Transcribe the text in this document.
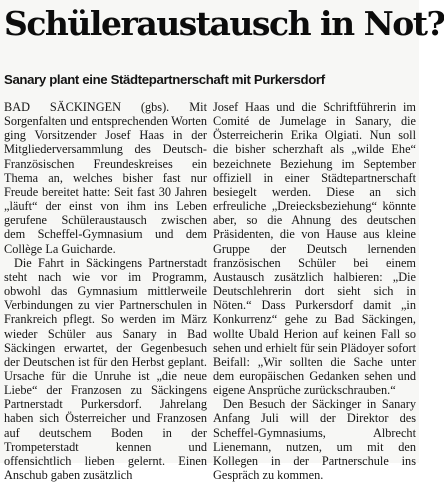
Schüleraustausch in Not?
Sanary plant eine Städtepartnerschaft mit Purkersdorf

BAD SÄCKINGEN (gbs). Mit Sorgenfalten und entsprechenden Worten ging Vorsitzender Josef Haas in der Mitgliederversammlung des Deutsch-Französischen Freundeskreises ein Thema an, welches bisher fast nur Freude bereitet hatte: Seit fast 30 Jahren „läuft“ der einst von ihm ins Leben gerufene Schüleraustausch zwischen dem Scheffel-Gymnasium und dem Collège La Guicharde.

Die Fahrt in Säckingens Partnerstadt steht nach wie vor im Programm, obwohl das Gymnasium mittlerweile Verbindungen zu vier Partnerschulen in Frankreich pflegt. So werden im März wieder Schüler aus Sanary in Bad Säckingen erwartet, der Gegenbesuch der Deutschen ist für den Herbst geplant. Ursache für die Unruhe ist „die neue Liebe“ der Franzosen zu Säckingens Partnerstadt Purkersdorf. Jahrelang haben sich Österreicher und Franzosen auf deutschem Boden in der Trompeterstadt kennen und offensichtlich lieben gelernt. Einen Anschub gaben zusätzlich

Josef Haas und die Schriftführerin im Comité de Jumelage in Sanary, die Österreicherin Erika Olgiati. Nun soll die bisher scherzhaft als „wilde Ehe“ bezeichnete Beziehung im September offiziell in einer Städtepartnerschaft besiegelt werden. Diese an sich erfreuliche „Dreiecksbeziehung“ könnte aber, so die Ahnung des deutschen Präsidenten, die von Hause aus kleine Gruppe der Deutsch lernenden französischen Schüler bei einem Austausch zusätzlich halbieren: „Die Deutschlehrerin dort sieht sich in Nöten.“ Dass Purkersdorf damit „in Konkurrenz“ gehe zu Bad Säckingen, wollte Ubald Herion auf keinen Fall so sehen und erhielt für sein Plädoyer sofort Beifall: „Wir sollten die Sache unter dem europäischen Gedanken sehen und eigene Ansprüche zurückschrauben.“

Den Besuch der Säckinger in Sanary Anfang Juli will der Direktor des Scheffel-Gymnasiums, Albrecht Lienemann, nutzen, um mit den Kollegen in der Partnerschule ins Gespräch zu kommen.
